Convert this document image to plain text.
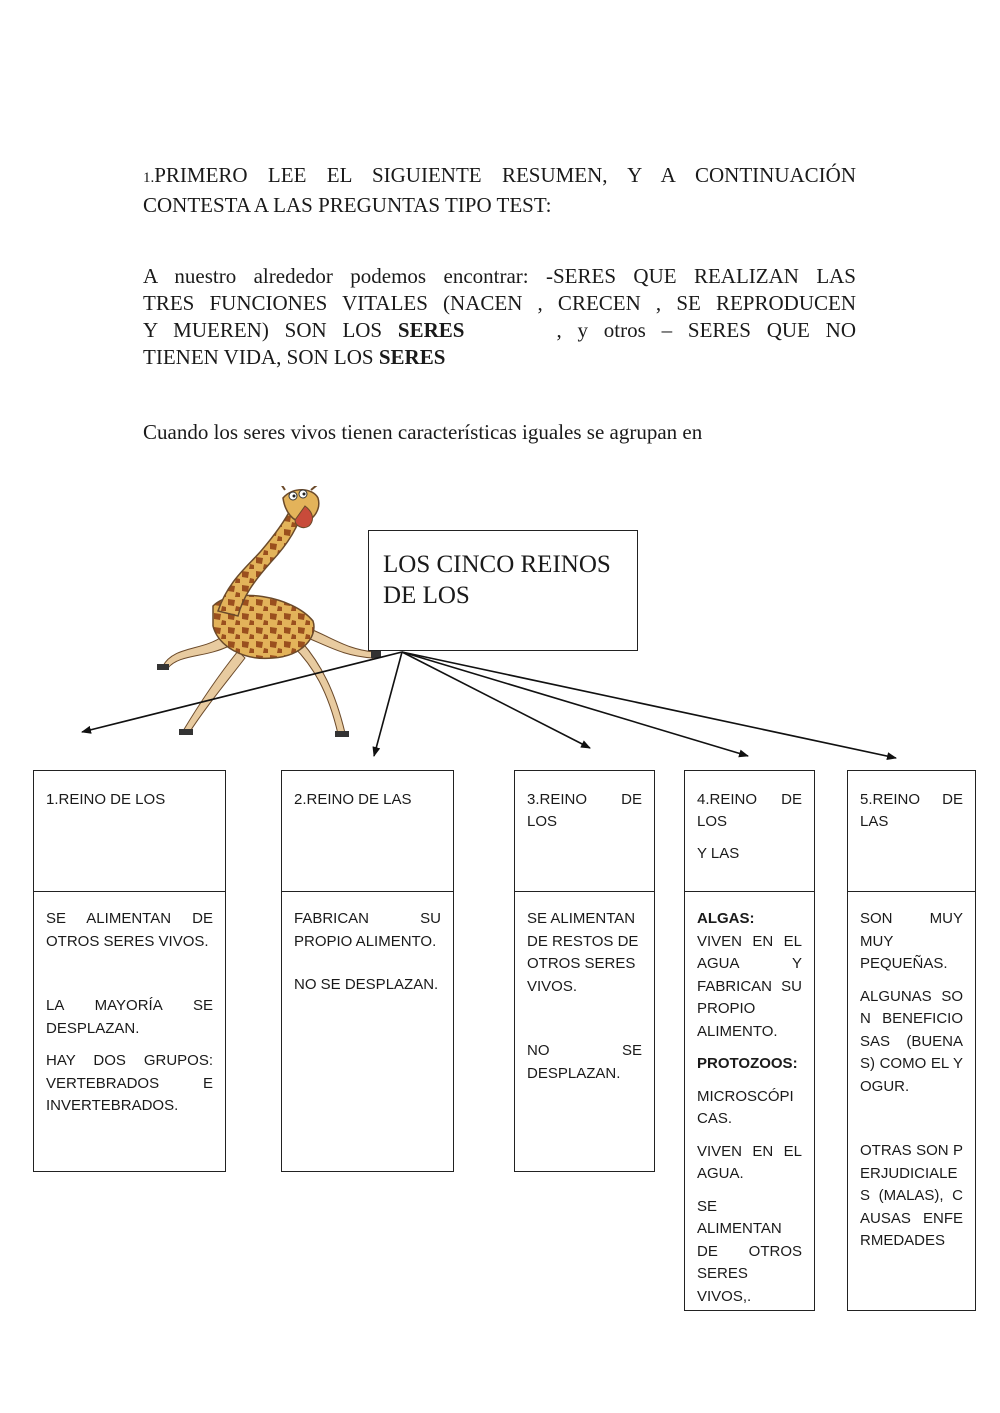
1.PRIMERO LEE EL SIGUIENTE RESUMEN, Y A CONTINUACIÓN
CONTESTA A LAS PREGUNTAS TIPO TEST:
A nuestro alrededor podemos encontrar: -SERES QUE REALIZAN LAS
TRES FUNCIONES VITALES (NACEN , CRECEN , SE REPRODUCEN
Y MUEREN) SON LOS SERES	, y otros – SERES QUE NO
TIENEN VIDA, SON LOS SERES
Cuando los seres vivos tienen características iguales se agrupan en
LOS CINCO REINOS
DE LOS
1.REINO DE LOS

SE ALIMENTAN DE OTROS SERES VIVOS.

LA MAYORÍA SE DESPLAZAN.

HAY DOS GRUPOS: VERTEBRADOS E INVERTEBRADOS.

2.REINO DE LAS

FABRICAN SU PROPIO ALIMENTO.

NO SE DESPLAZAN.

3.REINO DE LOS

SE ALIMENTAN DE RESTOS DE OTROS SERES VIVOS.

NO SE DESPLAZAN.

4.REINO DE LOS
Y LAS

ALGAS:

VIVEN EN EL AGUA Y FABRICAN SU PROPIO ALIMENTO.

PROTOZOOS:

MICROSCÓPICAS.

VIVEN EN EL AGUA.

SE ALIMENTAN DE OTROS SERES VIVOS,.

5.REINO DE LAS

SON MUY MUY PEQUEÑAS.

ALGUNAS SON BENEFICIOSAS (BUENAS) COMO EL YOGUR.

OTRAS SON PERJUDICIALES (MALAS), CAUSAS ENFERMEDADES
